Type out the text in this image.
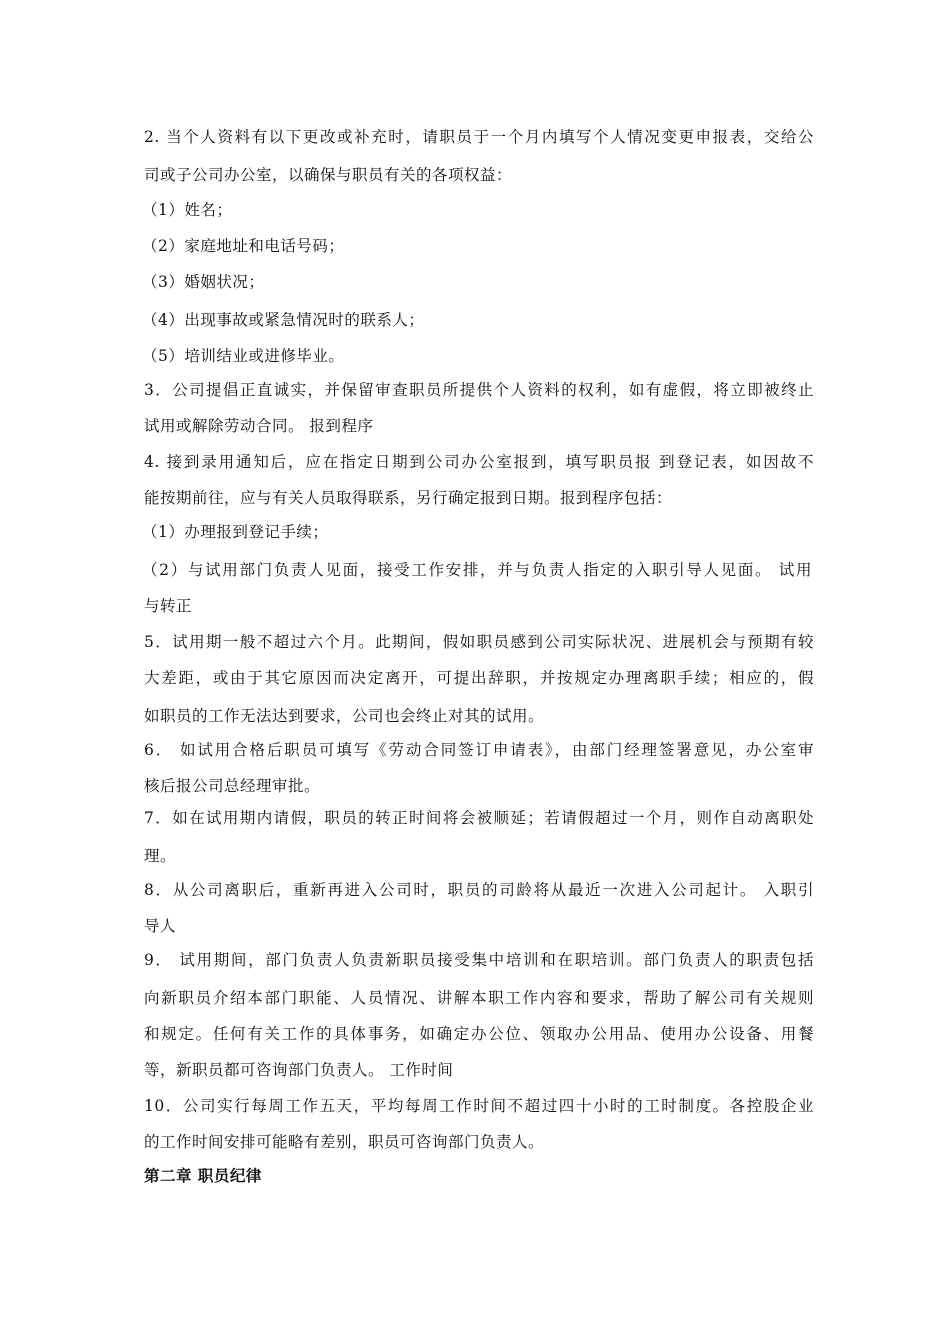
2. 当个人资料有以下更改或补充时，请职员于一个月内填写个人情况变更申报表，交给公
司或子公司办公室，以确保与职员有关的各项权益：
（1）姓名；
（2）家庭地址和电话号码；
（3）婚姻状况；
（4）出现事故或紧急情况时的联系人；
（5）培训结业或进修毕业。
3．公司提倡正直诚实，并保留审查职员所提供个人资料的权利，如有虚假，将立即被终止
试用或解除劳动合同。 报到程序
4. 接到录用通知后，应在指定日期到公司办公室报到，填写职员报 到登记表，如因故不
能按期前往，应与有关人员取得联系，另行确定报到日期。报到程序包括：
（1）办理报到登记手续；
（2）与试用部门负责人见面，接受工作安排，并与负责人指定的入职引导人见面。 试用
与转正
5．试用期一般不超过六个月。此期间，假如职员感到公司实际状况、进展机会与预期有较
大差距，或由于其它原因而决定离开，可提出辞职，并按规定办理离职手续；相应的，假
如职员的工作无法达到要求，公司也会终止对其的试用。
6． 如试用合格后职员可填写《劳动合同签订申请表》，由部门经理签署意见，办公室审
核后报公司总经理审批。
7．如在试用期内请假，职员的转正时间将会被顺延；若请假超过一个月，则作自动离职处
理。
8．从公司离职后，重新再进入公司时，职员的司龄将从最近一次进入公司起计。 入职引
导人
9． 试用期间，部门负责人负责新职员接受集中培训和在职培训。部门负责人的职责包括
向新职员介绍本部门职能、人员情况、讲解本职工作内容和要求，帮助了解公司有关规则
和规定。任何有关工作的具体事务，如确定办公位、领取办公用品、使用办公设备、用餐
等，新职员都可咨询部门负责人。 工作时间
10．公司实行每周工作五天，平均每周工作时间不超过四十小时的工时制度。各控股企业
的工作时间安排可能略有差别，职员可咨询部门负责人。
第二章 职员纪律
